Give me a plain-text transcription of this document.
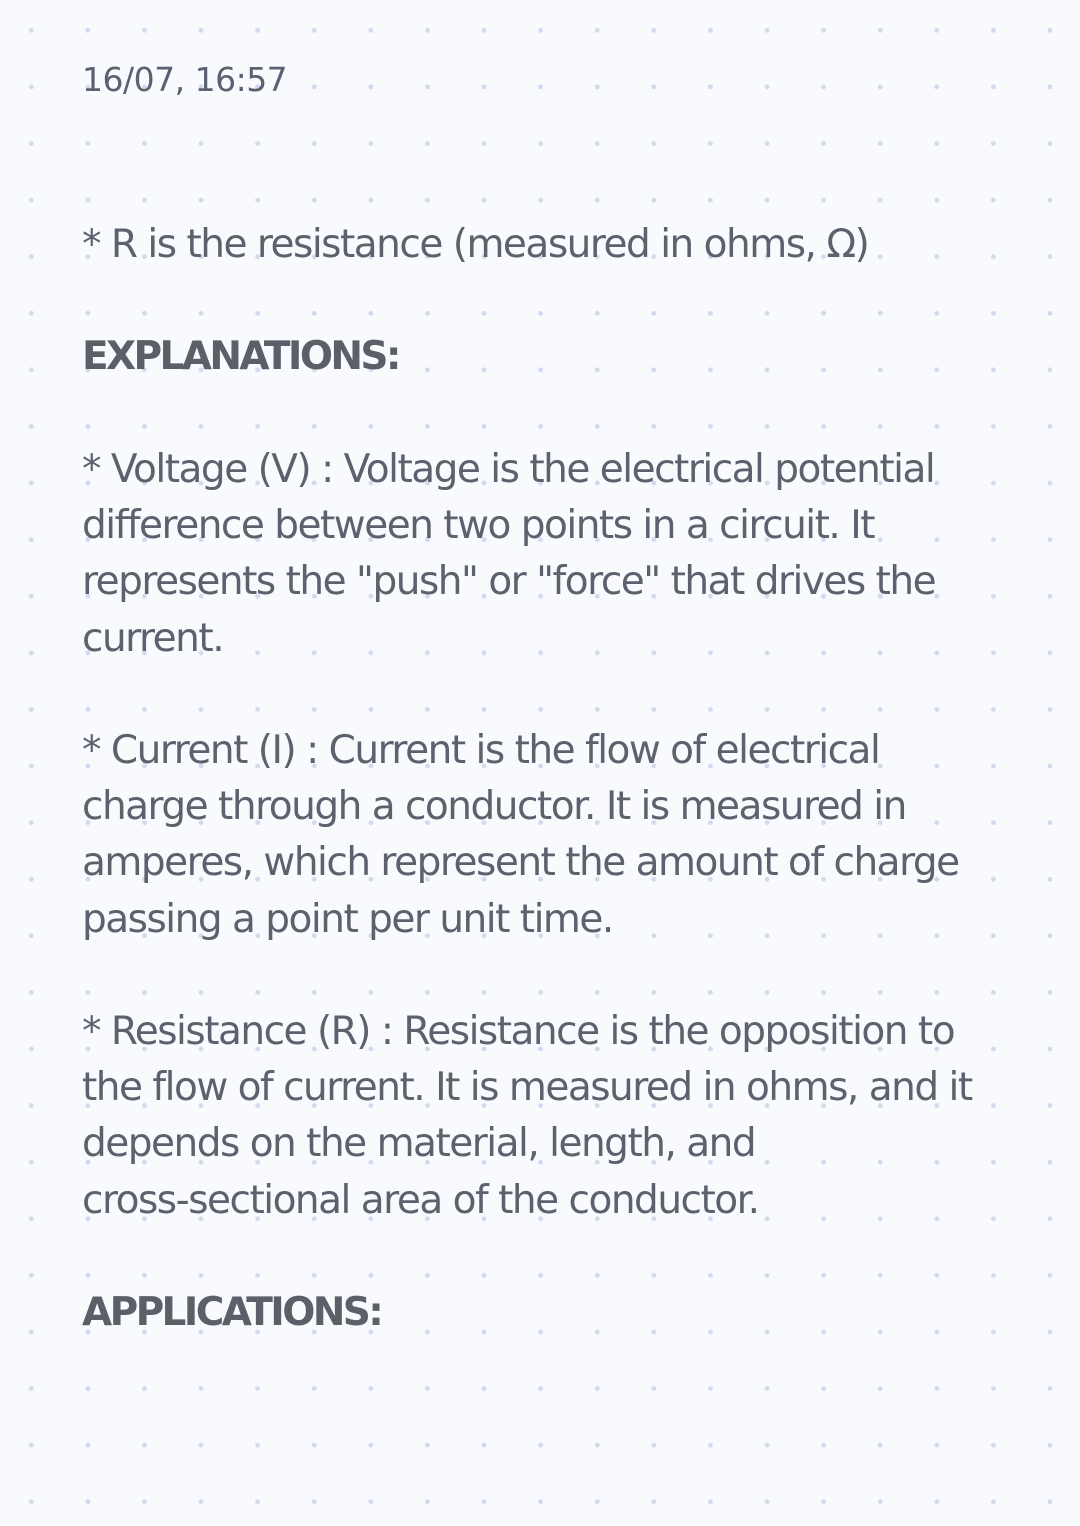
16/07, 16:57
* R is the resistance (measured in ohms, Ω)
EXPLANATIONS:
* Voltage (V) : Voltage is the electrical potential
difference between two points in a circuit. It
represents the "push" or "force" that drives the
current.
* Current (I) : Current is the flow of electrical
charge through a conductor. It is measured in
amperes, which represent the amount of charge
passing a point per unit time.
* Resistance (R) : Resistance is the opposition to
the flow of current. It is measured in ohms, and it
depends on the material, length, and
cross-sectional area of the conductor.
APPLICATIONS:
